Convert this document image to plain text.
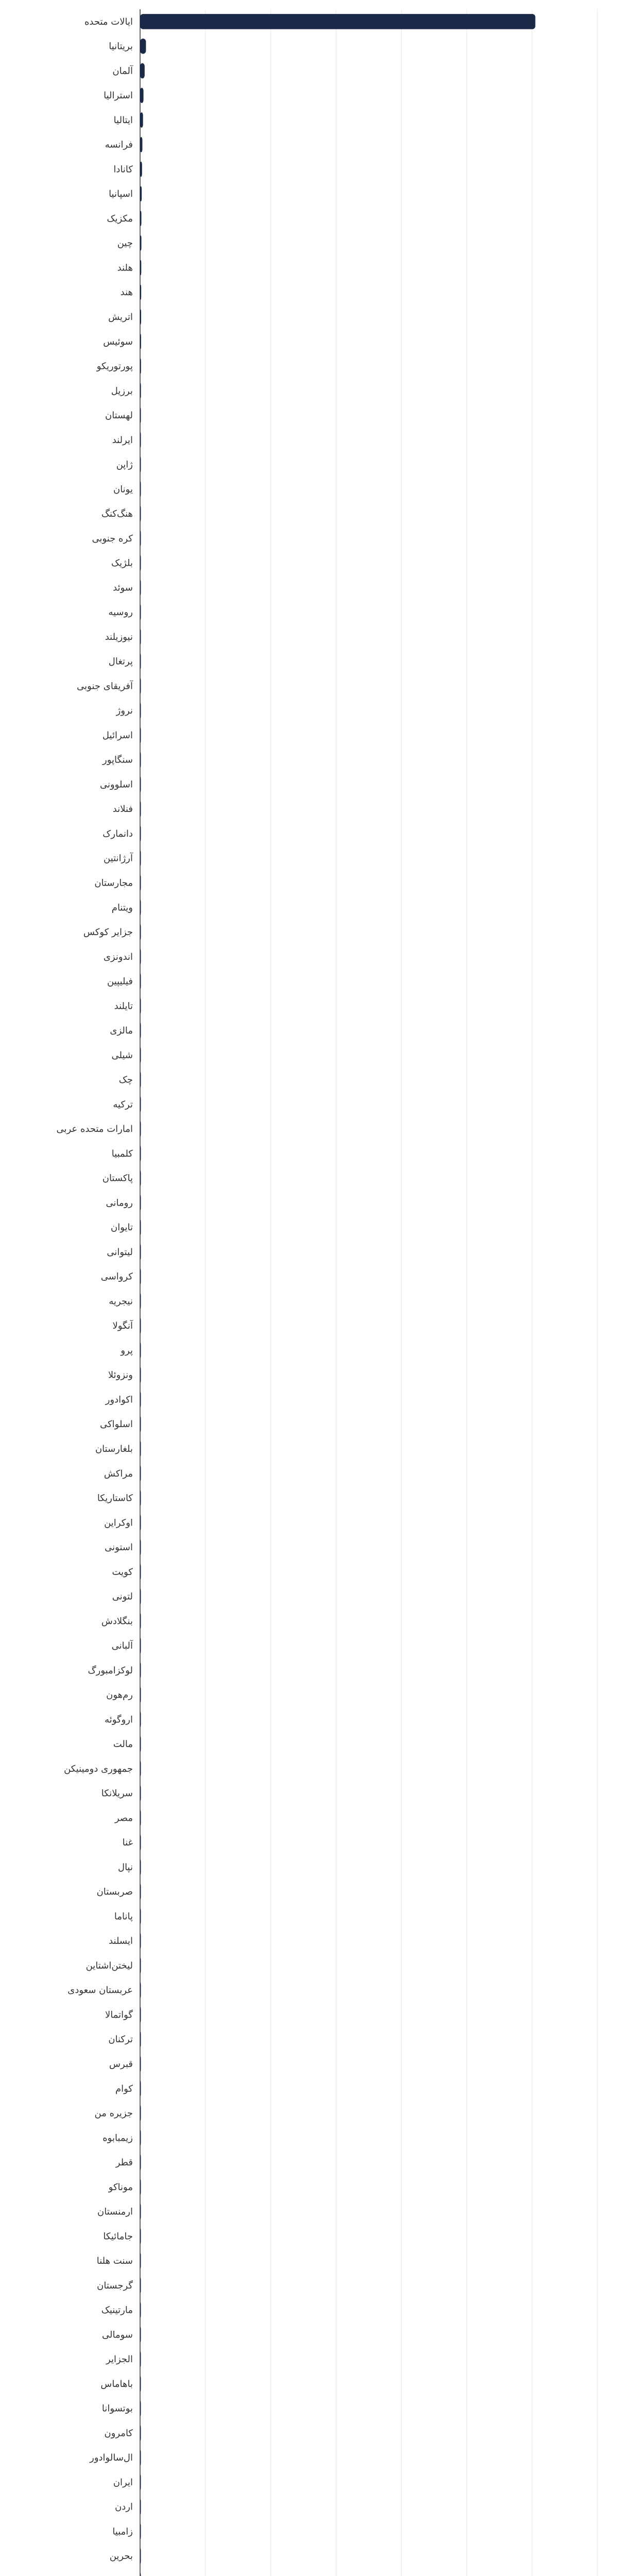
ایالات متحده
بریتانیا
آلمان
استرالیا
ایتالیا
فرانسه
کانادا
اسپانیا
مکزیک
چین
هلند
هند
اتریش
سوئیس
پورتوریکو
برزیل
لهستان
ایرلند
ژاپن
یونان
هنگ‌کنگ
کره جنوبی
بلژیک
سوئد
روسیه
نیوزیلند
پرتغال
آفریقای جنوبی
نروژ
اسرائیل
سنگاپور
اسلوونی
فنلاند
دانمارک
آرژانتین
مجارستان
ویتنام
جزایر کوکس
اندونزی
فیلیپین
تایلند
مالزی
شیلی
چک
ترکیه
امارات متحده عربی
کلمبیا
پاکستان
رومانی
تایوان
لیتوانی
کرواسی
نیجریه
آنگولا
پرو
ونزوئلا
اکوادور
اسلواکی
بلغارستان
مراکش
کاستاریکا
اوکراین
استونی
کویت
لتونی
بنگلادش
آلبانی
لوکزامبورگ
رم‌هون
اروگوئه
مالت
جمهوری دومینیکن
سریلانکا
مصر
غنا
نپال
صربستان
پاناما
ایسلند
لیختن‌اشتاین
عربستان سعودی
گواتمالا
ترکنان
قبرس
کوام
جزیره من
زیمبابوه
قطر
موناکو
ارمنستان
جامائیکا
سنت هلنا
گرجستان
مارتینیک
سومالی
الجزایر
باهاماس
بوتسوانا
کامرون
ال‌سالوادور
ایران
اردن
زامبیا
بحرین
